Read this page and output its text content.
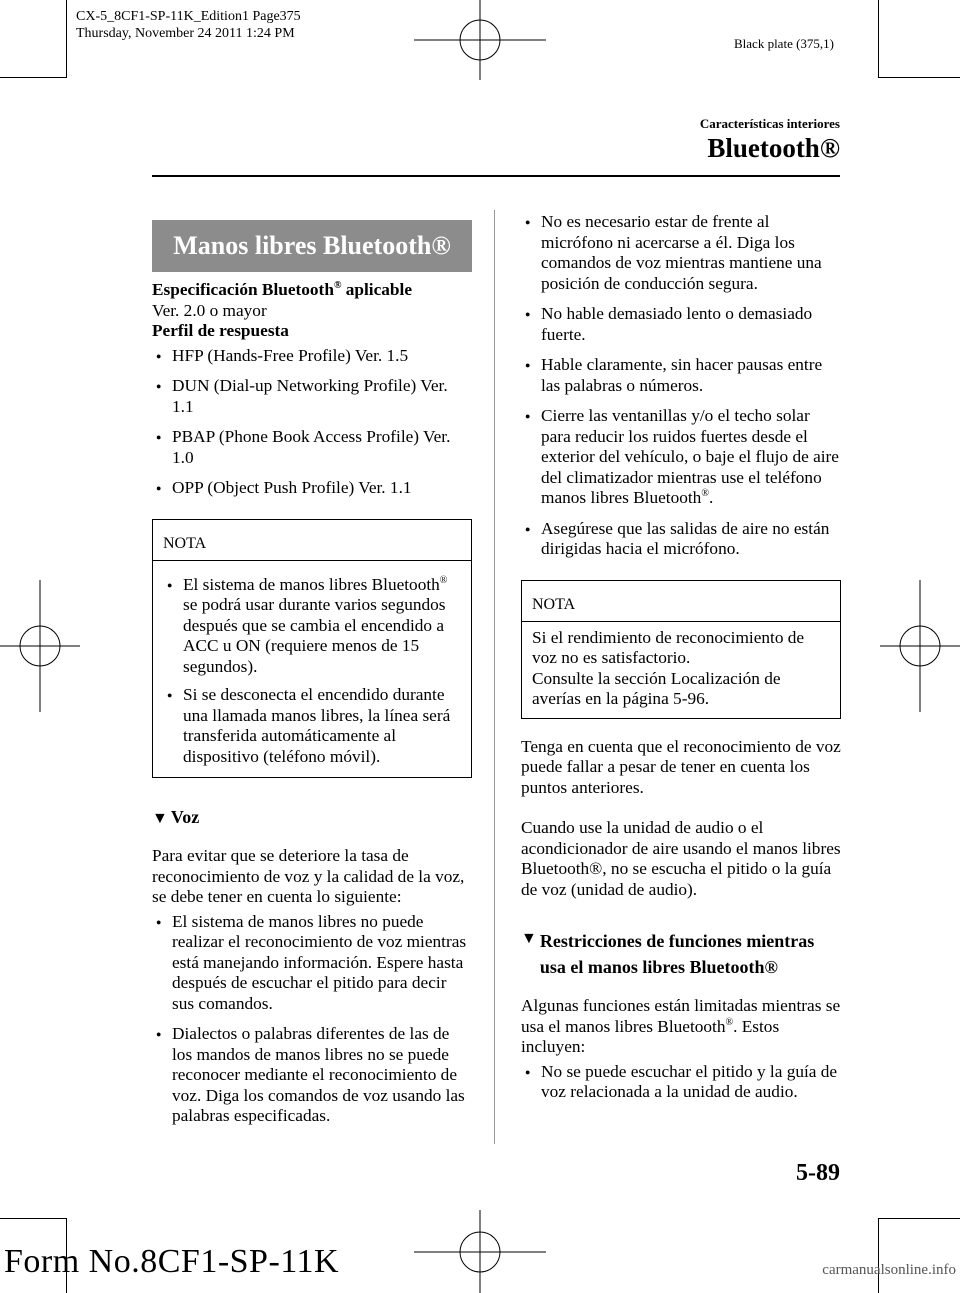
CX-5_8CF1-SP-11K_Edition1 Page375
Thursday, November 24 2011 1:24 PM
Black plate (375,1)
Características interiores
Bluetooth®
Manos libres Bluetooth®

Especificación Bluetooth® aplicable

Ver. 2.0 o mayor

Perfil de respuesta

● HFP (Hands-Free Profile) Ver. 1.5
● DUN (Dial-up Networking Profile) Ver. 1.1
● PBAP (Phone Book Access Profile) Ver. 1.0
● OPP (Object Push Profile) Ver. 1.1
NOTA
● El sistema de manos libres Bluetooth® se podrá usar durante varios segundos después que se cambia el encendido a ACC u ON (requiere menos de 15 segundos).
● Si se desconecta el encendido durante una llamada manos libres, la línea será transferida automáticamente al dispositivo (teléfono móvil).
▼ Voz

Para evitar que se deteriore la tasa de reconocimiento de voz y la calidad de la voz, se debe tener en cuenta lo siguiente:

● El sistema de manos libres no puede realizar el reconocimiento de voz mientras está manejando información. Espere hasta después de escuchar el pitido para decir sus comandos.
● Dialectos o palabras diferentes de las de los mandos de manos libres no se puede reconocer mediante el reconocimiento de voz. Diga los comandos de voz usando las palabras especificadas.
● No es necesario estar de frente al micrófono ni acercarse a él. Diga los comandos de voz mientras mantiene una posición de conducción segura.
● No hable demasiado lento o demasiado fuerte.
● Hable claramente, sin hacer pausas entre las palabras o números.
● Cierre las ventanillas y/o el techo solar para reducir los ruidos fuertes desde el exterior del vehículo, o baje el flujo de aire del climatizador mientras use el teléfono manos libres Bluetooth®.
● Asegúrese que las salidas de aire no están dirigidas hacia el micrófono.
NOTA

Si el rendimiento de reconocimiento de voz no es satisfactorio.

Consulte la sección Localización de averías en la página 5-96.

Tenga en cuenta que el reconocimiento de voz puede fallar a pesar de tener en cuenta los puntos anteriores.

Cuando use la unidad de audio o el acondicionador de aire usando el manos libres Bluetooth®, no se escucha el pitido o la guía de voz (unidad de audio).

▼ Restricciones de funciones mientras usa el manos libres Bluetooth®

Algunas funciones están limitadas mientras se usa el manos libres Bluetooth®. Estos incluyen:

● No se puede escuchar el pitido y la guía de voz relacionada a la unidad de audio.
5-89
Form No.8CF1-SP-11K	carmanualsonline.info
